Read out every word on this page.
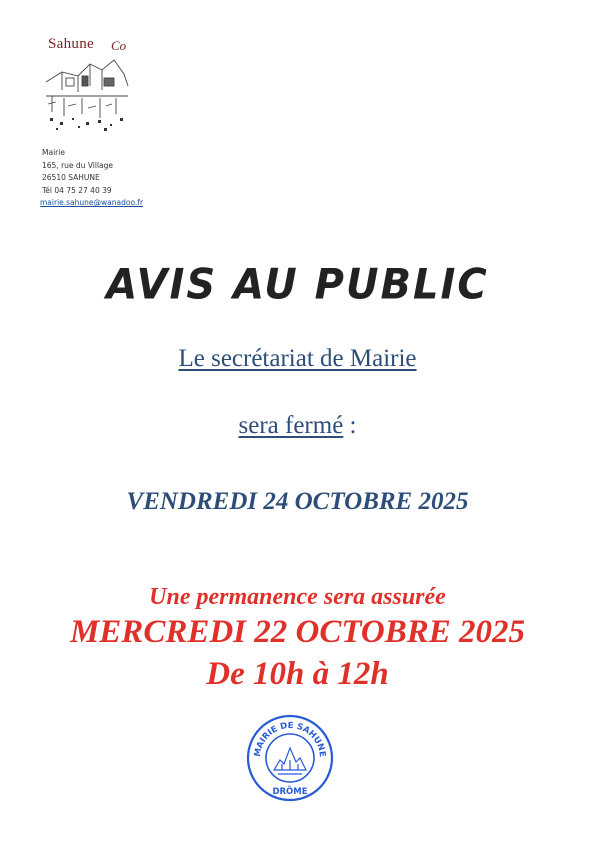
Sahune Co
Mairie
165, rue du Village
26510 SAHUNE
Tél 04 75 27 40 39
mairie.sahune@wanadoo.fr
AVIS AU PUBLIC
Le secrétariat de Mairie
sera fermé :
VENDREDI 24 OCTOBRE 2025
Une permanence sera assurée
MERCREDI 22 OCTOBRE 2025
De 10h à 12h
MAIRIE DE SAHUNE
DRÔME
